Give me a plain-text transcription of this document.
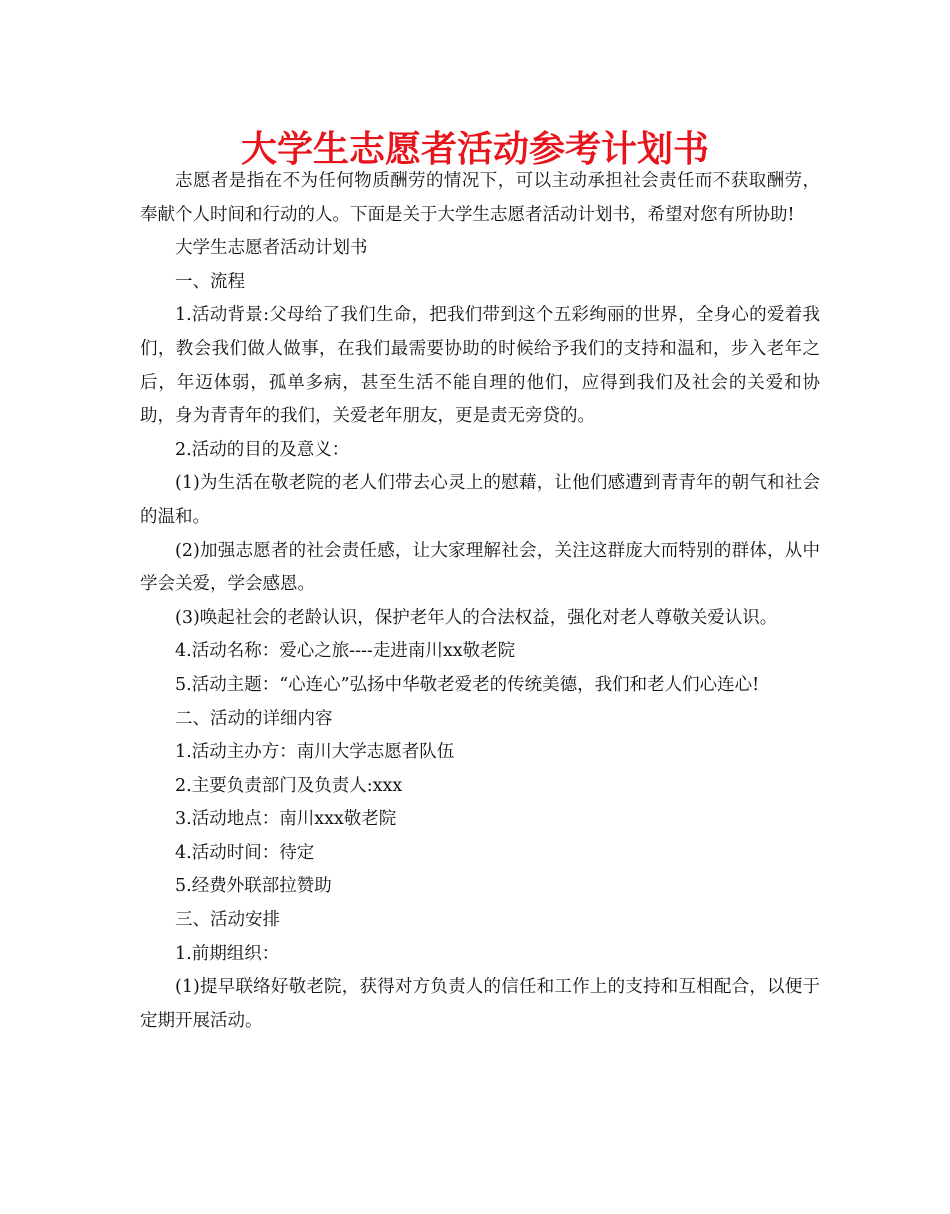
大学生志愿者活动参考计划书

志愿者是指在不为任何物质酬劳的情况下，可以主动承担社会责任而不获取酬劳，奉献个人时间和行动的人。下面是关于大学生志愿者活动计划书，希望对您有所协助!

大学生志愿者活动计划书

一、流程

1.活动背景:父母给了我们生命，把我们带到这个五彩绚丽的世界，全身心的爱着我们，教会我们做人做事，在我们最需要协助的时候给予我们的支持和温和，步入老年之后，年迈体弱，孤单多病，甚至生活不能自理的他们，应得到我们及社会的关爱和协助，身为青青年的我们，关爱老年朋友，更是责无旁贷的。

2.活动的目的及意义：

(1)为生活在敬老院的老人们带去心灵上的慰藉，让他们感遭到青青年的朝气和社会的温和。

(2)加强志愿者的社会责任感，让大家理解社会，关注这群庞大而特别的群体，从中学会关爱，学会感恩。

(3)唤起社会的老龄认识，保护老年人的合法权益，强化对老人尊敬关爱认识。

4.活动名称：爱心之旅----走进南川xx敬老院

5.活动主题：“心连心”弘扬中华敬老爱老的传统美德，我们和老人们心连心!

二、活动的详细内容

1.活动主办方：南川大学志愿者队伍

2.主要负责部门及负责人:xxx

3.活动地点：南川xxx敬老院

4.活动时间：待定

5.经费外联部拉赞助

三、活动安排

1.前期组织：

(1)提早联络好敬老院，获得对方负责人的信任和工作上的支持和互相配合，以便于定期开展活动。
